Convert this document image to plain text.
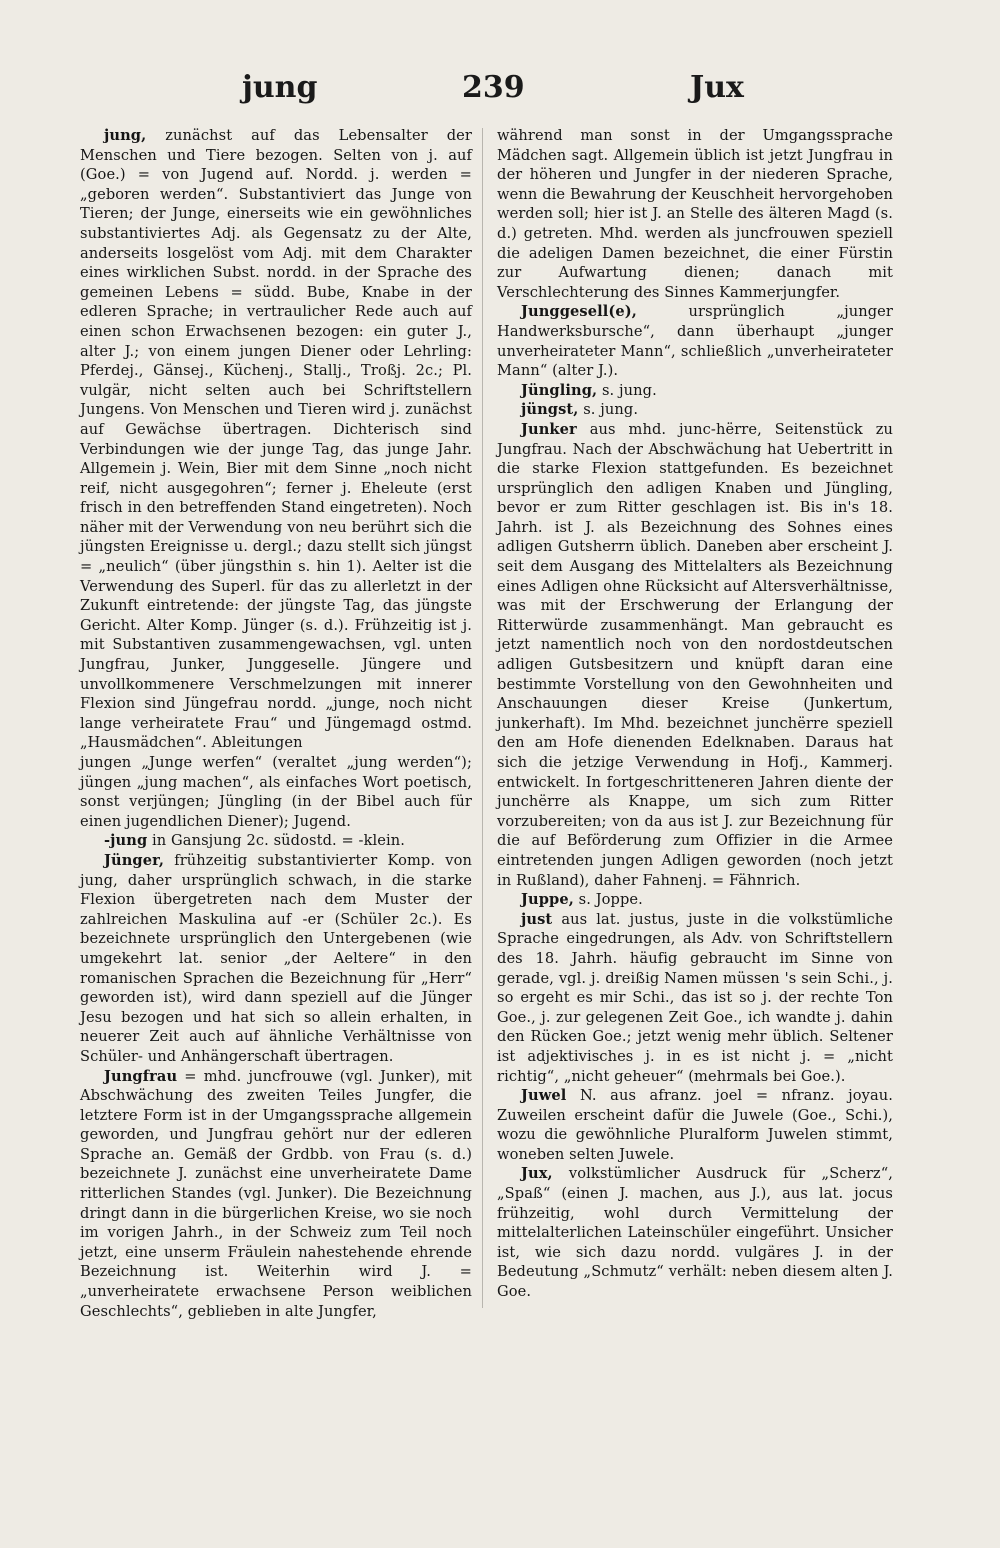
jung	239	Jux

jung, zunächst auf das Lebensalter der Menschen und Tiere bezogen. Selten von j. auf (Goe.) = von Jugend auf. Nordd. j. werden = „geboren werden“. Substantiviert das Junge von Tieren; der Junge, einerseits wie ein gewöhnliches substantiviertes Adj. als Gegensatz zu der Alte, anderseits losgelöst vom Adj. mit dem Charakter eines wirklichen Subst. nordd. in der Sprache des gemeinen Lebens = südd. Bube, Knabe in der edleren Sprache; in vertraulicher Rede auch auf einen schon Erwachsenen bezogen: ein guter J., alter J.; von einem jungen Diener oder Lehrling: Pferdej., Gänsej., Küchenj., Stallj., Troßj. 2c.; Pl. vulgär, nicht selten auch bei Schriftstellern Jungens. Von Menschen und Tieren wird j. zunächst auf Gewächse übertragen. Dichterisch sind Verbindungen wie der junge Tag, das junge Jahr. Allgemein j. Wein, Bier mit dem Sinne „noch nicht reif, nicht ausgegohren“; ferner j. Eheleute (erst frisch in den betreffenden Stand eingetreten). Noch näher mit der Verwendung von neu berührt sich die jüngsten Ereignisse u. dergl.; dazu stellt sich jüngst = „neulich“ (über jüngsthin s. hin 1). Aelter ist die Verwendung des Superl. für das zu allerletzt in der Zukunft eintretende: der jüngste Tag, das jüngste Gericht. Alter Komp. Jünger (s. d.). Frühzeitig ist j. mit Substantiven zusammengewachsen, vgl. unten Jungfrau, Junker, Junggeselle. Jüngere und unvollkommenere Verschmelzungen mit innerer Flexion sind Jüngefrau nordd. „junge, noch nicht lange verheiratete Frau“ und Jüngemagd ostmd. „Hausmädchen“. Ableitungen

jungen „Junge werfen“ (veraltet „jung werden“); jüngen „jung machen“, als einfaches Wort poetisch, sonst verjüngen; Jüngling (in der Bibel auch für einen jugendlichen Diener); Jugend.

-jung in Gansjung 2c. südostd. = -klein.

Jünger, frühzeitig substantivierter Komp. von jung, daher ursprünglich schwach, in die starke Flexion übergetreten nach dem Muster der zahlreichen Maskulina auf -er (Schüler 2c.). Es bezeichnete ursprünglich den Untergebenen (wie umgekehrt lat. senior „der Aeltere“ in den romanischen Sprachen die Bezeichnung für „Herr“ geworden ist), wird dann speziell auf die Jünger Jesu bezogen und hat sich so allein erhalten, in neuerer Zeit auch auf ähnliche Verhältnisse von Schüler- und Anhängerschaft übertragen.

Jungfrau = mhd. juncfrouwe (vgl. Junker), mit Abschwächung des zweiten Teiles Jungfer, die letztere Form ist in der Umgangssprache allgemein geworden, und Jungfrau gehört nur der edleren Sprache an. Gemäß der Grdbb. von Frau (s. d.) bezeichnete J. zunächst eine unverheiratete Dame ritterlichen Standes (vgl. Junker). Die Bezeichnung dringt dann in die bürgerlichen Kreise, wo sie noch im vorigen Jahrh., in der Schweiz zum Teil noch jetzt, eine unserm Fräulein nahestehende ehrende Bezeichnung ist. Weiterhin wird J. = „unverheiratete erwachsene Person weiblichen Geschlechts“, geblieben in alte Jungfer,

während man sonst in der Umgangssprache Mädchen sagt. Allgemein üblich ist jetzt Jungfrau in der höheren und Jungfer in der niederen Sprache, wenn die Bewahrung der Keuschheit hervorgehoben werden soll; hier ist J. an Stelle des älteren Magd (s. d.) getreten. Mhd. werden als juncfrouwen speziell die adeligen Damen bezeichnet, die einer Fürstin zur Aufwartung dienen; danach mit Verschlechterung des Sinnes Kammerjungfer.

Junggesell(e), ursprünglich „junger Handwerksbursche“, dann überhaupt „junger unverheirateter Mann“, schließlich „unverheirateter Mann“ (alter J.).

Jüngling, s. jung.

jüngst, s. jung.

Junker aus mhd. junc-hërre, Seitenstück zu Jungfrau. Nach der Abschwächung hat Uebertritt in die starke Flexion stattgefunden. Es bezeichnet ursprünglich den adligen Knaben und Jüngling, bevor er zum Ritter geschlagen ist. Bis in's 18. Jahrh. ist J. als Bezeichnung des Sohnes eines adligen Gutsherrn üblich. Daneben aber erscheint J. seit dem Ausgang des Mittelalters als Bezeichnung eines Adligen ohne Rücksicht auf Altersverhältnisse, was mit der Erschwerung der Erlangung der Ritterwürde zusammenhängt. Man gebraucht es jetzt namentlich noch von den nordostdeutschen adligen Gutsbesitzern und knüpft daran eine bestimmte Vorstellung von den Gewohnheiten und Anschauungen dieser Kreise (Junkertum, junkerhaft). Im Mhd. bezeichnet junchërre speziell den am Hofe dienenden Edelknaben. Daraus hat sich die jetzige Verwendung in Hofj., Kammerj. entwickelt. In fortgeschritteneren Jahren diente der junchërre als Knappe, um sich zum Ritter vorzubereiten; von da aus ist J. zur Bezeichnung für die auf Beförderung zum Offizier in die Armee eintretenden jungen Adligen geworden (noch jetzt in Rußland), daher Fahnenj. = Fähnrich.

Juppe, s. Joppe.

just aus lat. justus, juste in die volkstümliche Sprache eingedrungen, als Adv. von Schriftstellern des 18. Jahrh. häufig gebraucht im Sinne von gerade, vgl. j. dreißig Namen müssen 's sein Schi., j. so ergeht es mir Schi., das ist so j. der rechte Ton Goe., j. zur gelegenen Zeit Goe., ich wandte j. dahin den Rücken Goe.; jetzt wenig mehr üblich. Seltener ist adjektivisches j. in es ist nicht j. = „nicht richtig“, „nicht geheuer“ (mehrmals bei Goe.).

Juwel N. aus afranz. joel = nfranz. joyau. Zuweilen erscheint dafür die Juwele (Goe., Schi.), wozu die gewöhnliche Pluralform Juwelen stimmt, woneben selten Juwele.

Jux, volkstümlicher Ausdruck für „Scherz“, „Spaß“ (einen J. machen, aus J.), aus lat. jocus frühzeitig, wohl durch Vermittelung der mittelalterlichen Lateinschüler eingeführt. Unsicher ist, wie sich dazu nordd. vulgäres J. in der Bedeutung „Schmutz“ verhält: neben diesem alten J. Goe.
